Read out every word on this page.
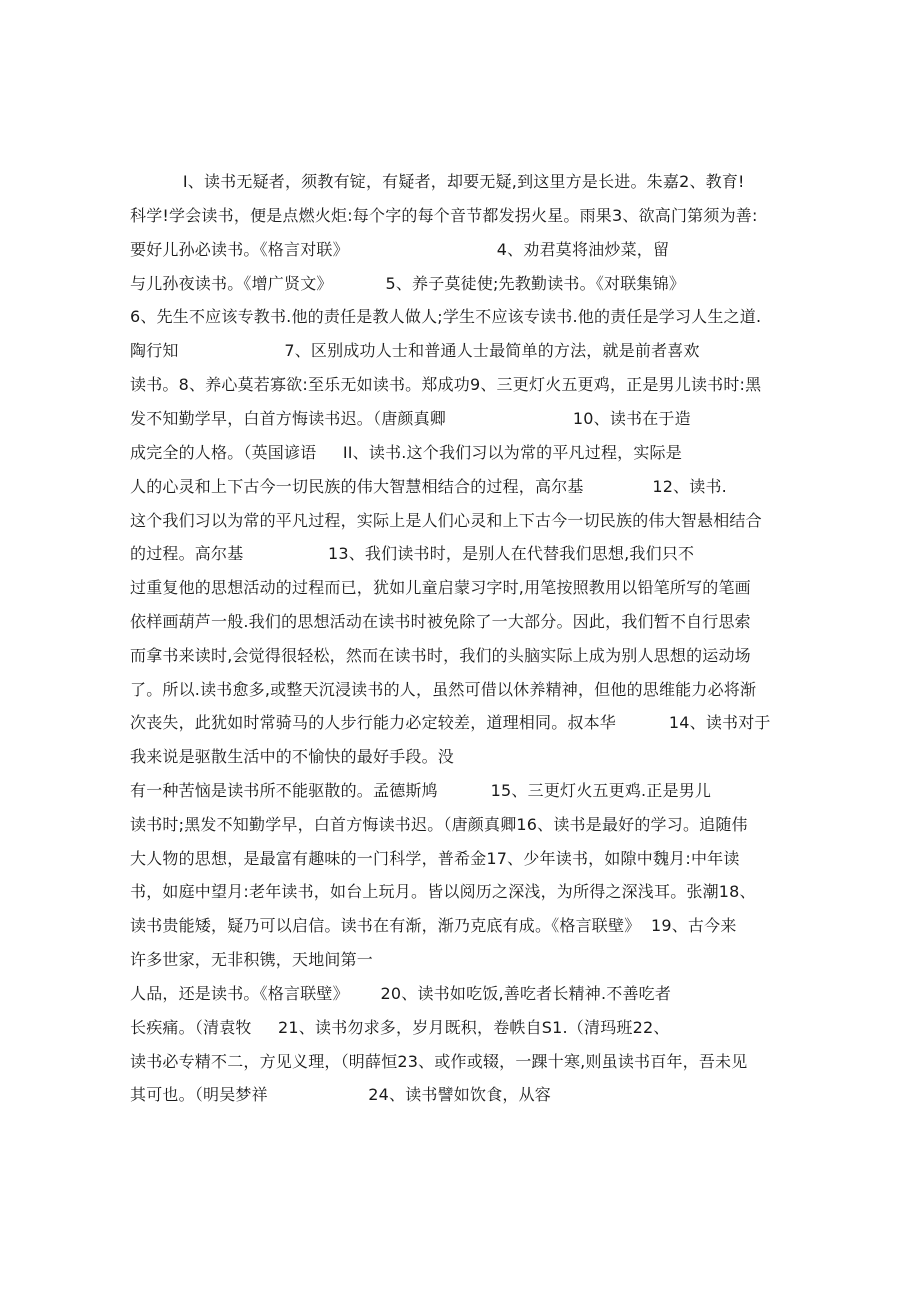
I、读书无疑者，须教有锭，有疑者，却要无疑,到这里方是长进。朱嘉2、教育!
科学!学会读书，便是点燃火炬:每个字的每个音节都发拐火星。雨果3、欲高门第须为善:
要好儿孙必读书。《格言对联》                            4、劝君莫将油炒菜，留
与儿孙夜读书。《增广贤文》          5、养子莫徒使;先教勤读书。《对联集锦》
6、先生不应该专教书.他的责任是教人做人;学生不应该专读书.他的责任是学习人生之道.
陶行知                    7、区别成功人士和普通人士最简单的方法，就是前者喜欢
读书。8、养心莫若寡欲:至乐无如读书。郑成功9、三更灯火五更鸡，正是男儿读书时:黑
发不知勤学早，白首方悔读书迟。（唐颜真卿                        10、读书在于造
成完全的人格。（英国谚语     II、读书.这个我们习以为常的平凡过程，实际是
人的心灵和上下古今一切民族的伟大智慧相结合的过程，高尔基             12、读书.
这个我们习以为常的平凡过程，实际上是人们心灵和上下古今一切民族的伟大智悬相结合
的过程。高尔基                13、我们读书时，是别人在代替我们思想,我们只不
过重复他的思想活动的过程而已，犹如儿童启蒙习字时,用笔按照教用以铅笔所写的笔画
依样画葫芦一般.我们的思想活动在读书时被免除了一大部分。因此，我们暂不自行思索
而拿书来读时,会觉得很轻松，然而在读书时，我们的头脑实际上成为别人思想的运动场
了。所以.读书愈多,或整天沉浸读书的人，虽然可借以休养精神，但他的思维能力必将渐
次丧失，此犹如时常骑马的人步行能力必定较差，道理相同。叔本华          14、读书对于
我来说是驱散生活中的不愉快的最好手段。没
有一种苦恼是读书所不能驱散的。孟德斯鸠          15、三更灯火五更鸡.正是男儿
读书时;黑发不知勤学早，白首方悔读书迟。（唐颜真卿16、读书是最好的学习。追随伟
大人物的思想，是最富有趣味的一门科学，普希金17、少年读书，如隙中魏月:中年读
书，如庭中望月:老年读书，如台上玩月。皆以阅历之深浅，为所得之深浅耳。张潮18、
读书贵能矮，疑乃可以启信。读书在有渐，渐乃克底有成。《格言联壁》  19、古今来
许多世家，无非积镌，天地间第一
人品，还是读书。《格言联壁》      20、读书如吃饭,善吃者长精神.不善吃者
长疾痛。（清袁牧     21、读书勿求多，岁月既积，卷帙自S1.（清玛班22、
读书必专精不二，方见义理，（明薛恒23、或作或辍，一踝十寒,则虽读书百年，吾未见
其可也。（明吴梦祥                   24、读书譬如饮食，从容
